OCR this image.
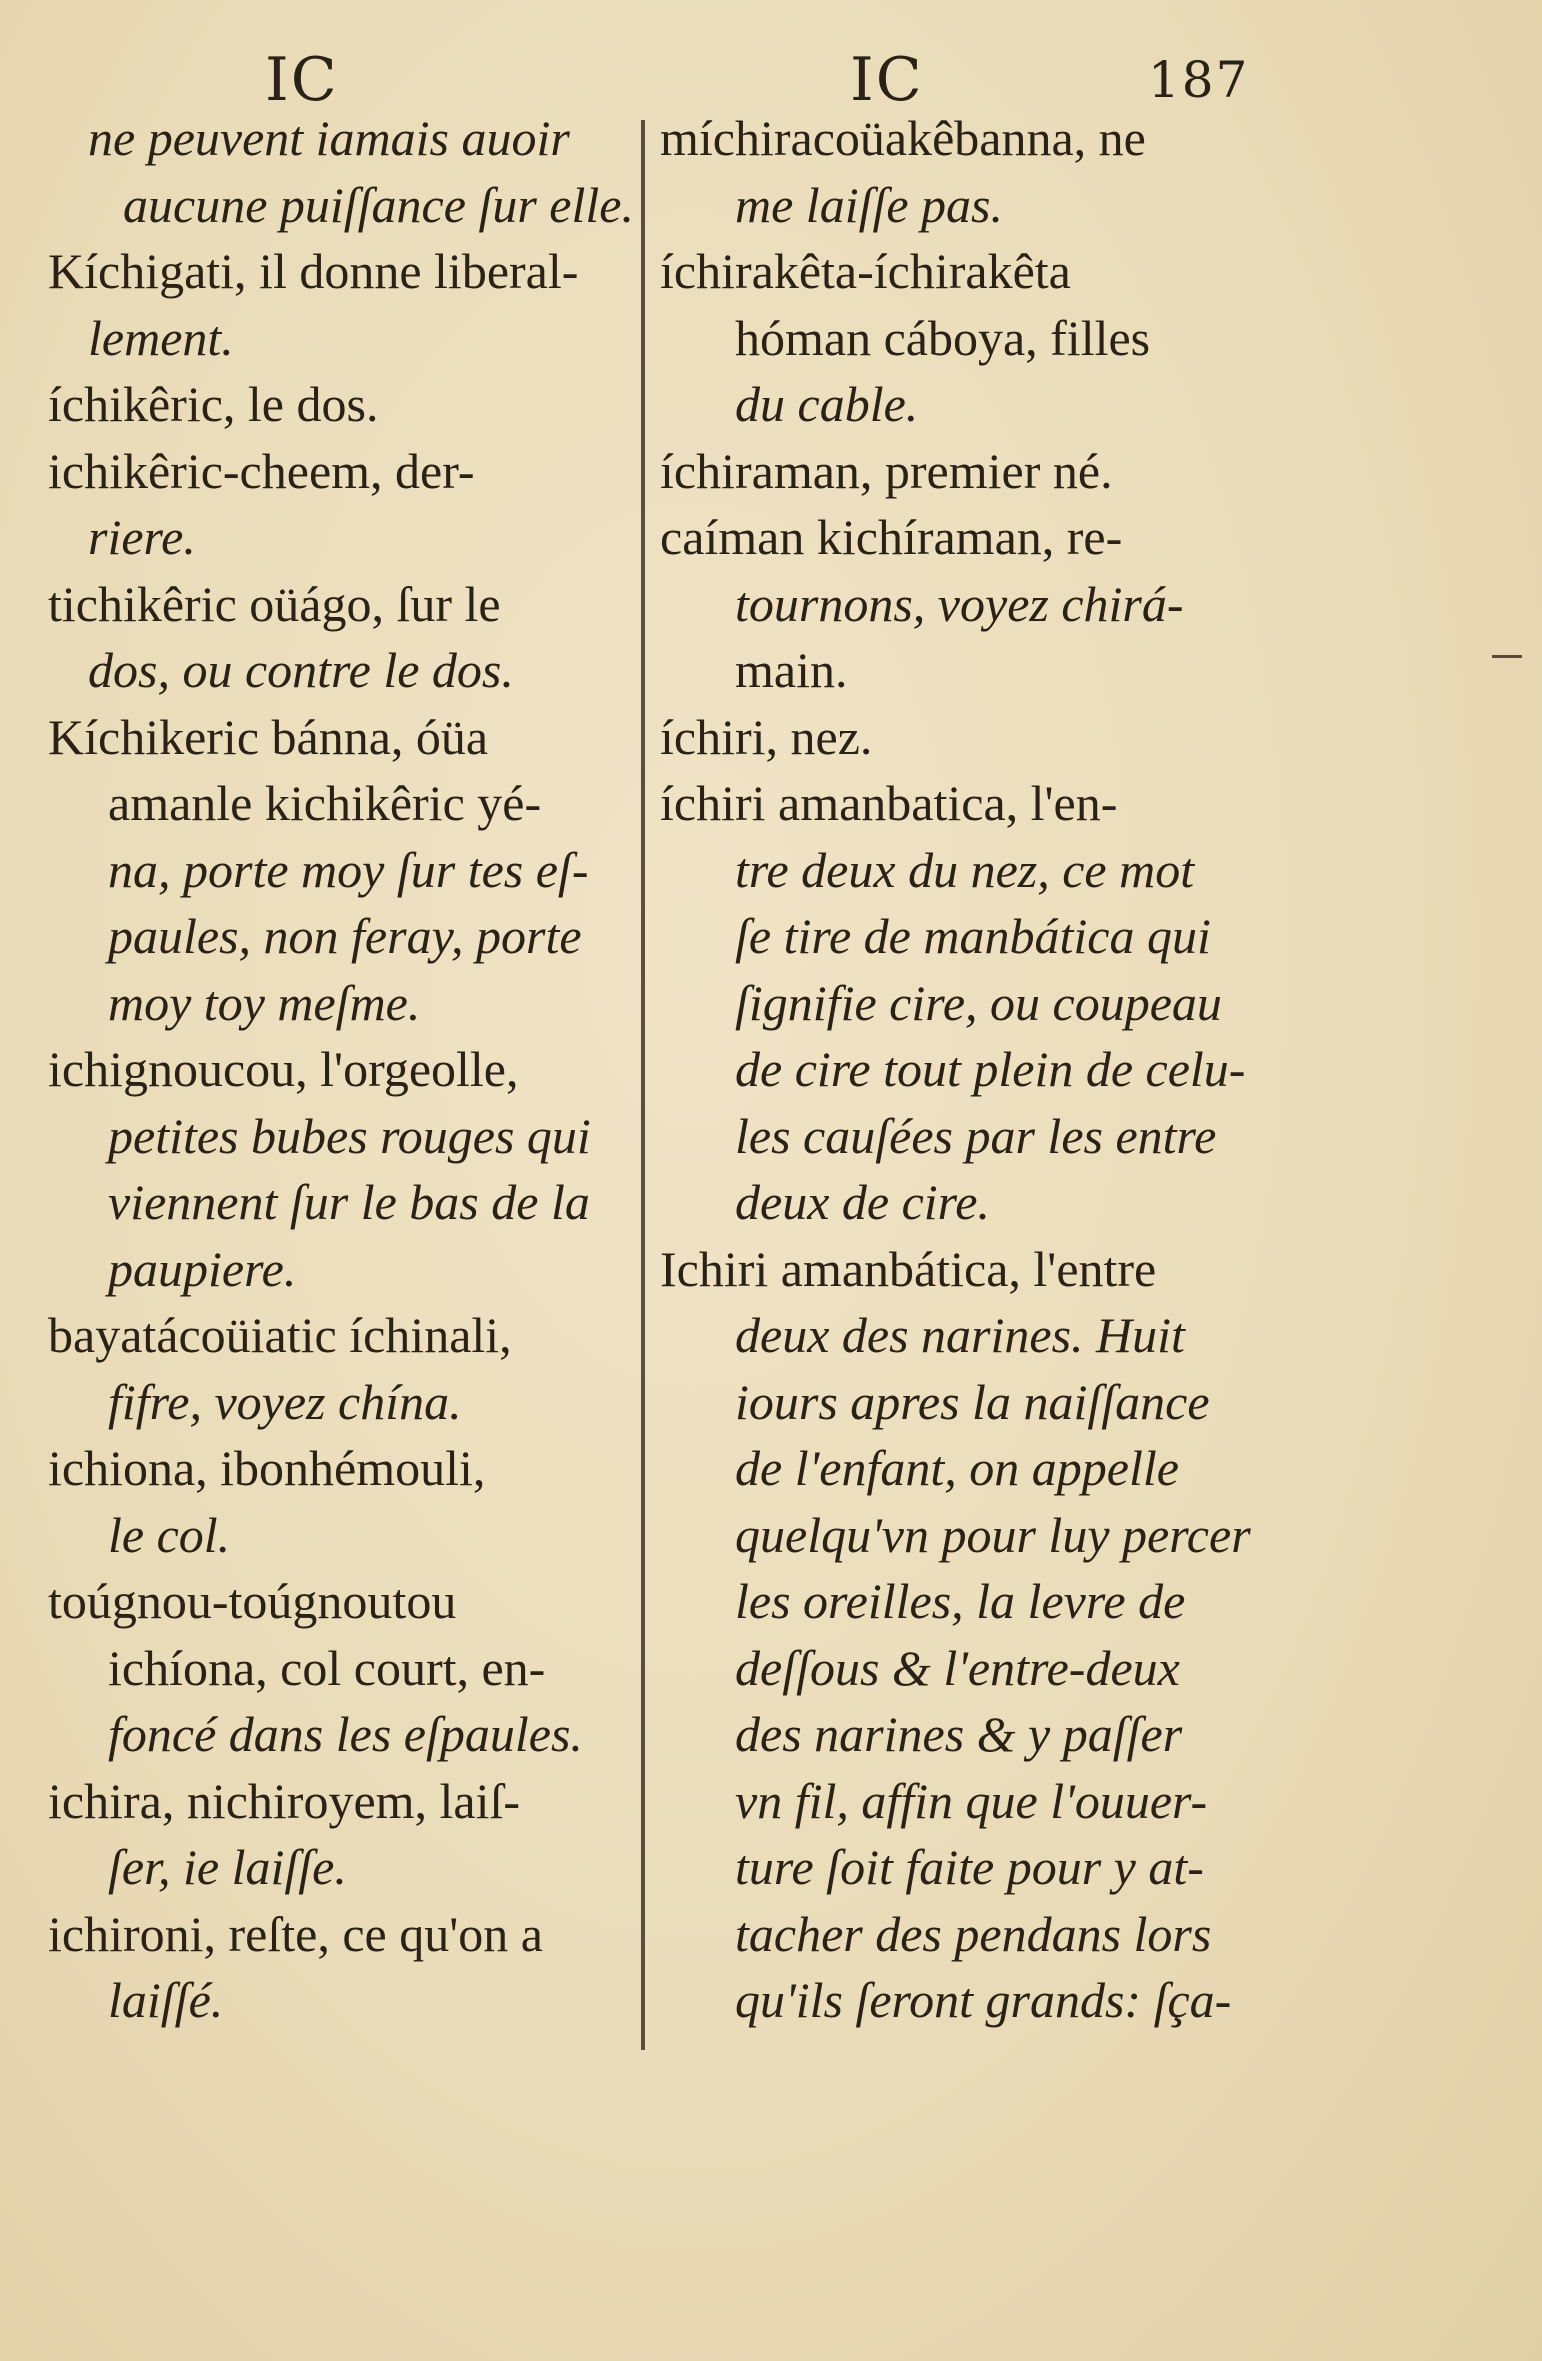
IC	IC	187
ne peuvent iamais auoir
aucune puiſſance ſur elle.
Kíchigati, il donne liberal-
lement.
íchikêric, le dos.
ichikêric-cheem, der-
riere.
tichikêric oüágo, ſur le
dos, ou contre le dos.
Kíchikeric bánna, óüa
amanle kichikêric yé-
na, porte moy ſur tes eſ-
paules, non feray, porte
moy toy meſme.
ichignoucou, l'orgeolle,
petites bubes rouges qui
viennent ſur le bas de la
paupiere.
bayatácoüiatic íchinali,
fifre, voyez chína.
ichiona, ibonhémouli,
le col.
toúgnou-toúgnoutou
ichíona, col court, en-
foncé dans les eſpaules.
ichira, nichiroyem, laiſ-
ſer, ie laiſſe.
ichironi, reſte, ce qu'on a
laiſſé.
míchiracoüakêbanna, ne
me laiſſe pas.
íchirakêta-íchirakêta
hóman cáboya, filles
du cable.
íchiraman, premier né.
caíman kichíraman, re-
tournons, voyez chirá-
main.
íchiri, nez.
íchiri amanbatica, l'en-
tre deux du nez, ce mot
ſe tire de manbática qui
ſignifie cire, ou coupeau
de cire tout plein de celu-
les cauſées par les entre
deux de cire.
Ichiri amanbática, l'entre
deux des narines. Huit
iours apres la naiſſance
de l'enfant, on appelle
quelqu'vn pour luy percer
les oreilles, la levre de
deſſous & l'entre-deux
des narines & y paſſer
vn fil, affin que l'ouuer-
ture ſoit faite pour y at-
tacher des pendans lors
qu'ils ſeront grands: ſça-
